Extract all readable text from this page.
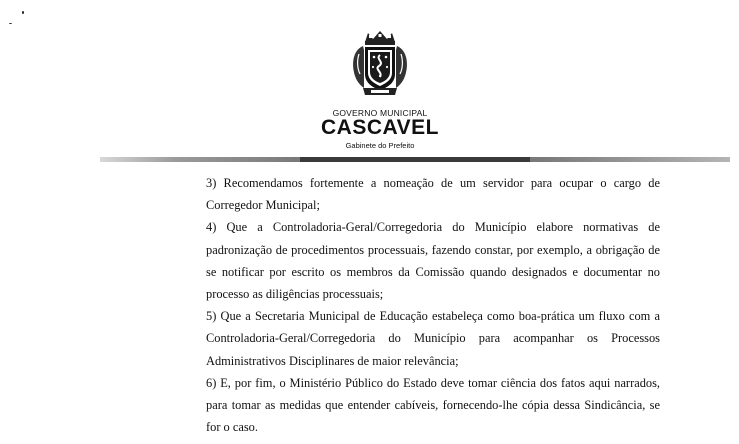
GOVERNO MUNICIPAL
CASCAVEL
Gabinete do Prefeito

3) Recomendamos fortemente a nomeação de um servidor para ocupar o cargo de Corregedor Municipal;

4) Que a Controladoria-Geral/Corregedoria do Município elabore normativas de padronização de procedimentos processuais, fazendo constar, por exemplo, a obrigação de se notificar por escrito os membros da Comissão quando designados e documentar no processo as diligências processuais;

5) Que a Secretaria Municipal de Educação estabeleça como boa-prática um fluxo com a Controladoria-Geral/Corregedoria do Município para acompanhar os Processos Administrativos Disciplinares de maior relevância;

6) E, por fim, o Ministério Público do Estado deve tomar ciência dos fatos aqui narrados, para tomar as medidas que entender cabíveis, fornecendo-lhe cópia dessa Sindicância, se for o caso.
